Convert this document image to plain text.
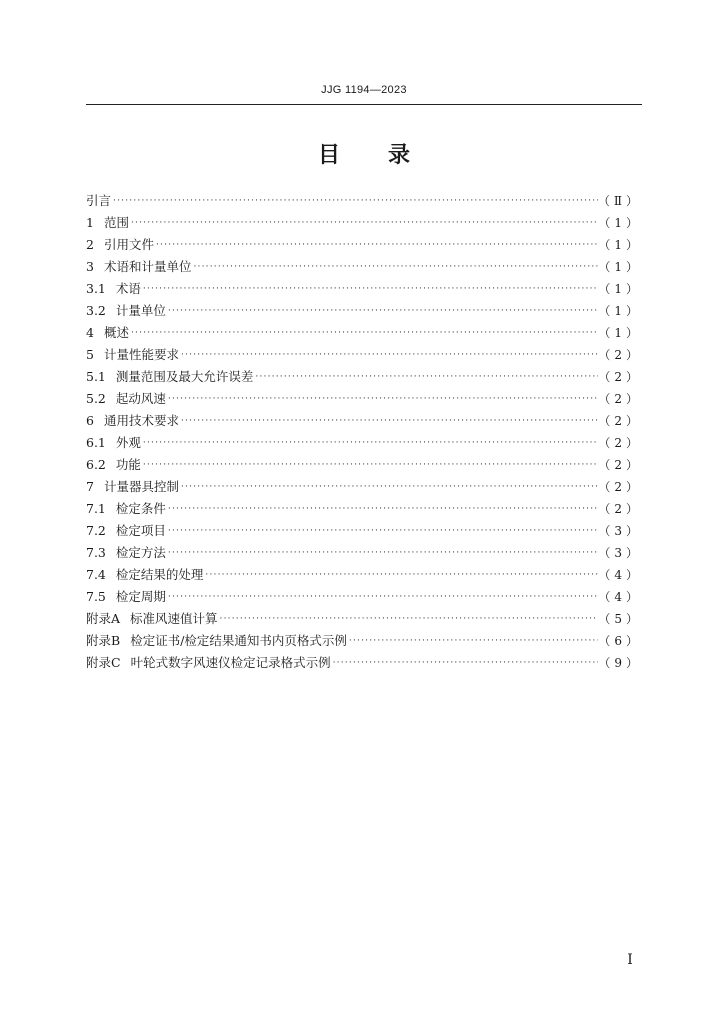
JJG 1194—2023
目 录
引言 ·····	（Ⅱ）
1 范围 ·····	（1）
2 引用文件 ·····	（1）
3 术语和计量单位 ·····	（1）
3.1 术语 ·····	（1）
3.2 计量单位 ·····	（1）
4 概述 ·····	（1）
5 计量性能要求 ·····	（2）
5.1 测量范围及最大允许误差 ·····	（2）
5.2 起动风速 ·····	（2）
6 通用技术要求 ·····	（2）
6.1 外观 ·····	（2）
6.2 功能 ·····	（2）
7 计量器具控制 ·····	（2）
7.1 检定条件 ·····	（2）
7.2 检定项目 ·····	（3）
7.3 检定方法 ·····	（3）
7.4 检定结果的处理 ·····	（4）
7.5 检定周期 ·····	（4）
附录A 标准风速值计算 ·····	（5）
附录B 检定证书/检定结果通知书内页格式示例 ·····	（6）
附录C 叶轮式数字风速仪检定记录格式示例 ·····	（9）
Ⅰ
